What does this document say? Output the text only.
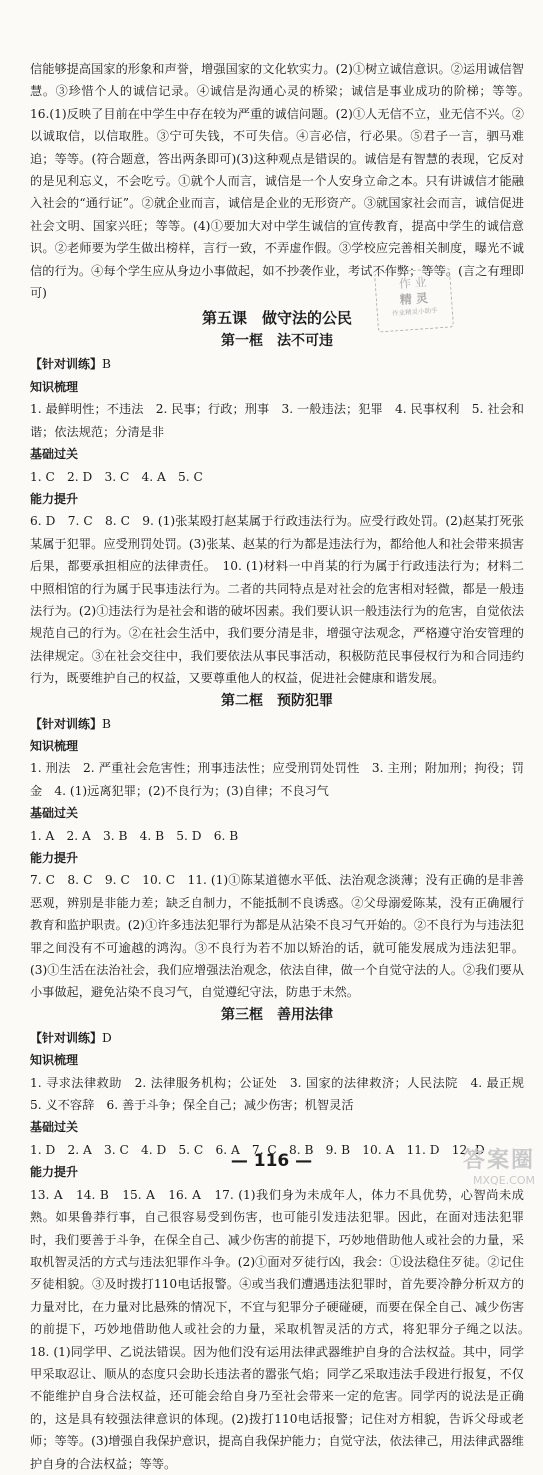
信能够提高国家的形象和声誉，增强国家的文化软实力。(2)①树立诚信意识。②运用诚信智慧。③珍惜个人的诚信记录。④诚信是沟通心灵的桥梁；诚信是事业成功的阶梯；等等。　16.(1)反映了目前在中学生中存在较为严重的诚信问题。(2)①人无信不立，业无信不兴。②以诚取信，以信取胜。③宁可失钱，不可失信。④言必信，行必果。⑤君子一言，驷马难追；等等。(符合题意，答出两条即可)(3)这种观点是错误的。诚信是有智慧的表现，它反对的是见利忘义，不会吃亏。①就个人而言，诚信是一个人安身立命之本。只有讲诚信才能融入社会的“通行证”。②就企业而言，诚信是企业的无形资产。③就国家社会而言，诚信促进社会文明、国家兴旺；等等。(4)①要加大对中学生诚信的宣传教育，提高中学生的诚信意识。②老师要为学生做出榜样，言行一致，不弄虚作假。③学校应完善相关制度，曝光不诚信的行为。④每个学生应从身边小事做起，如不抄袭作业，考试不作弊；等等。(言之有理即可)

第五课　做守法的公民
第一框　法不可违

【针对训练】B

知识梳理

1. 最鲜明性；不违法　2. 民事；行政；刑事　3. 一般违法；犯罪　4. 民事权利　5. 社会和谐；依法规范；分清是非

基础过关

1. C　2. D　3. C　4. A　5. C

能力提升

6. D　7. C　8. C　9. (1)张某殴打赵某属于行政违法行为。应受行政处罚。(2)赵某打死张某属于犯罪。应受刑罚处罚。(3)张某、赵某的行为都是违法行为，都给他人和社会带来损害后果，都要承担相应的法律责任。　10. (1)材料一中肖某的行为属于行政违法行为；材料二中照相馆的行为属于民事违法行为。二者的共同特点是对社会的危害相对轻微，都是一般违法行为。(2)①违法行为是社会和谐的破坏因素。我们要认识一般违法行为的危害，自觉依法规范自己的行为。②在社会生活中，我们要分清是非，增强守法观念，严格遵守治安管理的法律规定。③在社会交往中，我们要依法从事民事活动，积极防范民事侵权行为和合同违约行为，既要维护自己的权益，又要尊重他人的权益，促进社会健康和谐发展。

第二框　预防犯罪

【针对训练】B

知识梳理

1. 刑法　2. 严重社会危害性；刑事违法性；应受刑罚处罚性　3. 主刑；附加刑；拘役；罚金　4. (1)远离犯罪；(2)不良行为；(3)自律；不良习气

基础过关

1. A　2. A　3. B　4. B　5. D　6. B

能力提升

7. C　8. C　9. C　10. C　11. (1)①陈某道德水平低、法治观念淡薄；没有正确的是非善恶观，辨别是非能力差；缺乏自制力，不能抵制不良诱惑。②父母溺爱陈某，没有正确履行教育和监护职责。(2)①许多违法犯罪行为都是从沾染不良习气开始的。②不良行为与违法犯罪之间没有不可逾越的鸿沟。③不良行为若不加以矫治的话，就可能发展成为违法犯罪。(3)①生活在法治社会，我们应增强法治观念，依法自律，做一个自觉守法的人。②我们要从小事做起，避免沾染不良习气，自觉遵纪守法，防患于未然。

第三框　善用法律

【针对训练】D

知识梳理

1. 寻求法律救助　2. 法律服务机构；公证处　3. 国家的法律救济；人民法院　4. 最正规　5. 义不容辞　6. 善于斗争；保全自己；减少伤害；机智灵活

基础过关

1. D　2. A　3. C　4. D　5. C　6. A　7. C　8. B　9. B　10. A　11. D　12. D

能力提升

13. A　14. B　15. A　16. A　17. (1)我们身为未成年人，体力不具优势，心智尚未成熟。如果鲁莽行事，自己很容易受到伤害，也可能引发违法犯罪。因此，在面对违法犯罪时，我们要善于斗争，在保全自己、减少伤害的前提下，巧妙地借助他人或社会的力量，采取机智灵活的方式与违法犯罪作斗争。(2)①面对歹徒行凶，我会：①设法稳住歹徒。②记住歹徒相貌。③及时拨打110电话报警。④或当我们遭遇违法犯罪时，首先要冷静分析双方的力量对比，在力量对比悬殊的情况下，不宜与犯罪分子硬碰硬，而要在保全自己、减少伤害的前提下，巧妙地借助他人或社会的力量，采取机智灵活的方式，将犯罪分子绳之以法。　18. (1)同学甲、乙说法错误。因为他们没有运用法律武器维护自身的合法权益。其中，同学甲采取忍让、顺从的态度只会助长违法者的嚣张气焰；同学乙采取违法手段进行报复，不仅不能维护自身合法权益，还可能会给自身乃至社会带来一定的危害。同学丙的说法是正确的，这是具有较强法律意识的体现。(2)拨打110电话报警；记住对方相貌，告诉父母或老师；等等。(3)增强自我保护意识，提高自我保护能力；自觉守法，依法律己，用法律武器维护自身的合法权益；等等。

作 业
精 灵
作业精灵小助手
— 116 —	答案圈
MXQE.COM
